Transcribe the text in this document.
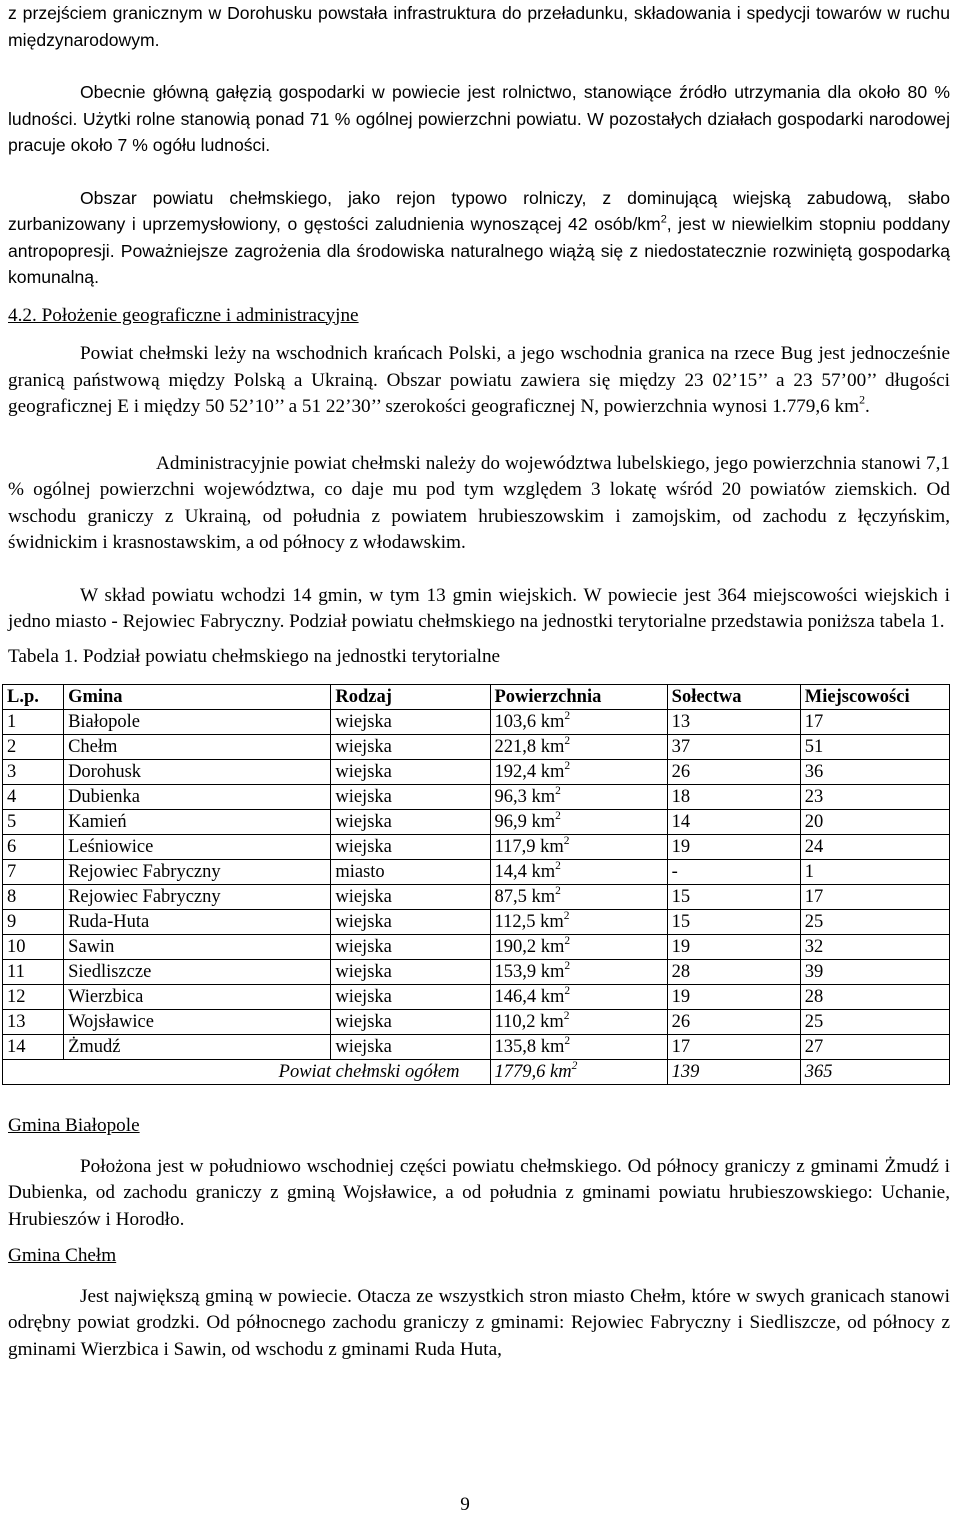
z przejściem granicznym w Dorohusku powstała infrastruktura do przeładunku, składowania i spedycji towarów w ruchu międzynarodowym.

Obecnie główną gałęzią gospodarki w powiecie jest rolnictwo, stanowiące źródło utrzymania dla około 80 % ludności. Użytki rolne stanowią ponad 71 % ogólnej powierzchni powiatu. W pozostałych działach gospodarki narodowej pracuje około 7 % ogółu ludności.

Obszar powiatu chełmskiego, jako rejon typowo rolniczy, z dominującą wiejską zabudową, słabo zurbanizowany i uprzemysłowiony, o gęstości zaludnienia wynoszącej 42 osób/$km^2$, jest w niewielkim stopniu poddany antropopresji. Poważniejsze zagrożenia dla środowiska naturalnego wiążą się z niedostatecznie rozwiniętą gospodarką komunalną.

4.2. Położenie geograficzne i administracyjne

Powiat chełmski leży na wschodnich krańcach Polski, a jego wschodnia granica na rzece Bug jest jednocześnie granicą państwową między Polską a Ukrainą. Obszar powiatu zawiera się między 23 02’15’’ a 23 57’00’’ długości geograficznej E i między 50 52’10’’ a 51 22’30’’ szerokości geograficznej N, powierzchnia wynosi 1.779,6 $km^2$.

Administracyjnie powiat chełmski należy do województwa lubelskiego, jego powierzchnia stanowi 7,1 % ogólnej powierzchni województwa, co daje mu pod tym względem 3 lokatę wśród 20 powiatów ziemskich. Od wschodu graniczy z Ukrainą, od południa z powiatem hrubieszowskim i zamojskim, od zachodu z łęczyńskim, świdnickim i krasnostawskim, a od północy z włodawskim.

W skład powiatu wchodzi 14 gmin, w tym 13 gmin wiejskich. W powiecie jest 364 miejscowości wiejskich i jedno miasto - Rejowiec Fabryczny. Podział powiatu chełmskiego na jednostki terytorialne przedstawia poniższa tabela 1.

Tabela 1. Podział powiatu chełmskiego na jednostki terytorialne
L.p.	Gmina	Rodzaj	Powierzchnia	Sołectwa	Miejscowości
1	Białopole	wiejska	103,6 $km^2$	13	17
2	Chełm	wiejska	221,8 $km^2$	37	51
3	Dorohusk	wiejska	192,4 $km^2$	26	36
4	Dubienka	wiejska	96,3 $km^2$	18	23
5	Kamień	wiejska	96,9 $km^2$	14	20
6	Leśniowice	wiejska	117,9 $km^2$	19	24
7	Rejowiec Fabryczny	miasto	14,4 $km^2$	-	1
8	Rejowiec Fabryczny	wiejska	87,5 $km^2$	15	17
9	Ruda-Huta	wiejska	112,5 $km^2$	15	25
10	Sawin	wiejska	190,2 $km^2$	19	32
11	Siedliszcze	wiejska	153,9 $km^2$	28	39
12	Wierzbica	wiejska	146,4 $km^2$	19	28
13	Wojsławice	wiejska	110,2 $km^2$	26	25
14	Żmudź	wiejska	135,8 $km^2$	17	27
Powiat chełmski ogółem			1779,6 $km^2$	139	365
Gmina Białopole

Położona jest w południowo wschodniej części powiatu chełmskiego. Od północy graniczy z gminami Żmudź i Dubienka, od zachodu graniczy z gminą Wojsławice, a od południa z gminami powiatu hrubieszowskiego: Uchanie, Hrubieszów i Horodło.

Gmina Chełm

Jest największą gminą w powiecie. Otacza ze wszystkich stron miasto Chełm, które w swych granicach stanowi odrębny powiat grodzki. Od północnego zachodu graniczy z gminami: Rejowiec Fabryczny i Siedliszcze, od północy z gminami Wierzbica i Sawin, od wschodu z gminami Ruda Huta,

9
